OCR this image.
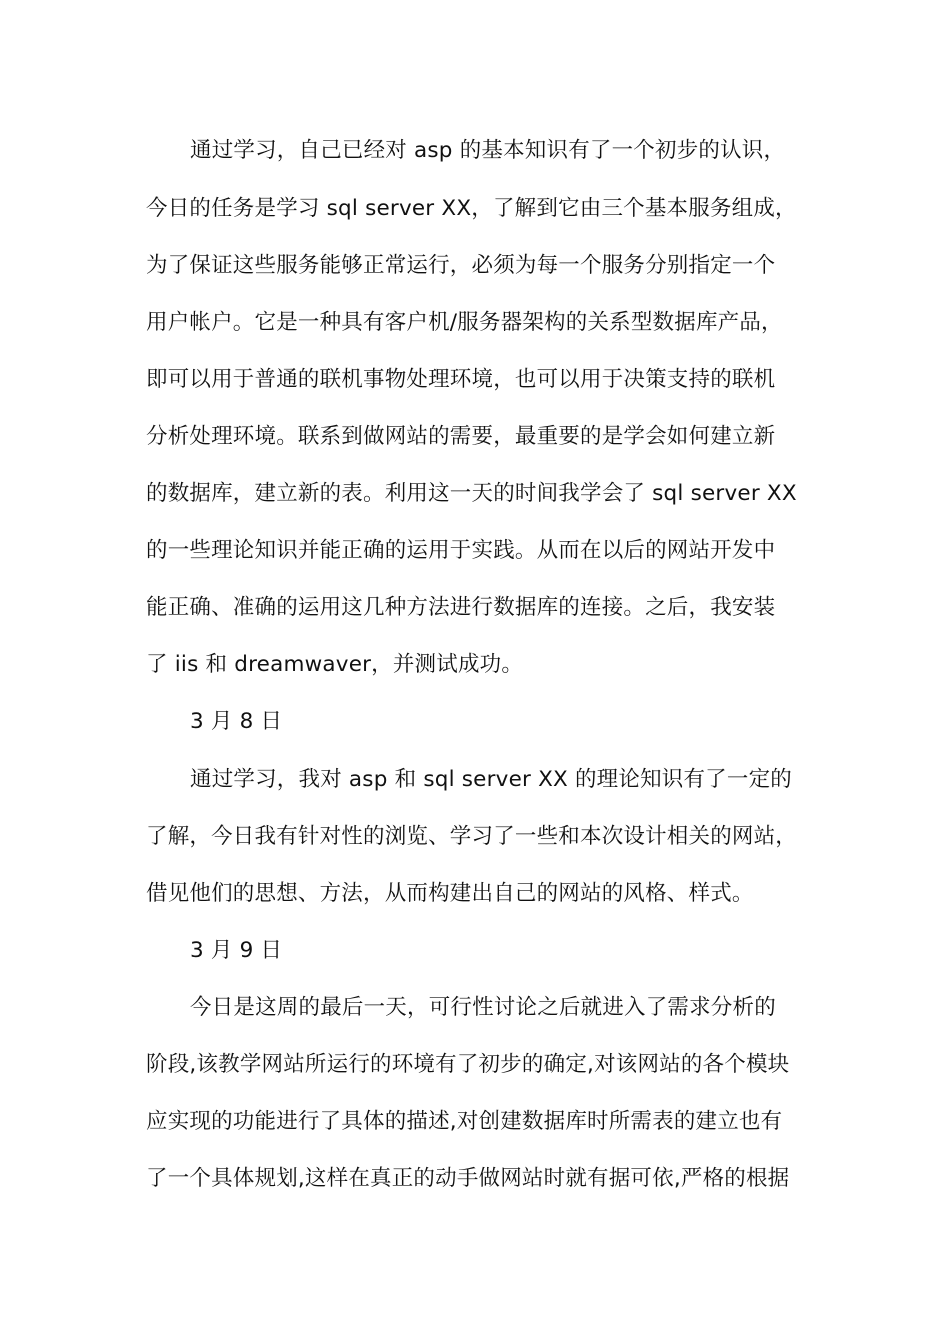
通过学习，自己已经对 asp 的基本知识有了一个初步的认识，
今日的任务是学习 sql server XX，了解到它由三个基本服务组成，
为了保证这些服务能够正常运行，必须为每一个服务分别指定一个
用户帐户。它是一种具有客户机/服务器架构的关系型数据库产品，
即可以用于普通的联机事物处理环境，也可以用于决策支持的联机
分析处理环境。联系到做网站的需要，最重要的是学会如何建立新
的数据库，建立新的表。利用这一天的时间我学会了 sql server XX
的一些理论知识并能正确的运用于实践。从而在以后的网站开发中
能正确、准确的运用这几种方法进行数据库的连接。之后，我安装
了 iis 和 dreamwaver，并测试成功。
3 月 8 日
通过学习，我对 asp 和 sql server XX 的理论知识有了一定的
了解，今日我有针对性的浏览、学习了一些和本次设计相关的网站，
借见他们的思想、方法，从而构建出自己的网站的风格、样式。
3 月 9 日
今日是这周的最后一天，可行性讨论之后就进入了需求分析的
阶段,该教学网站所运行的环境有了初步的确定,对该网站的各个模块
应实现的功能进行了具体的描述,对创建数据库时所需表的建立也有
了一个具体规划,这样在真正的动手做网站时就有据可依,严格的根据
